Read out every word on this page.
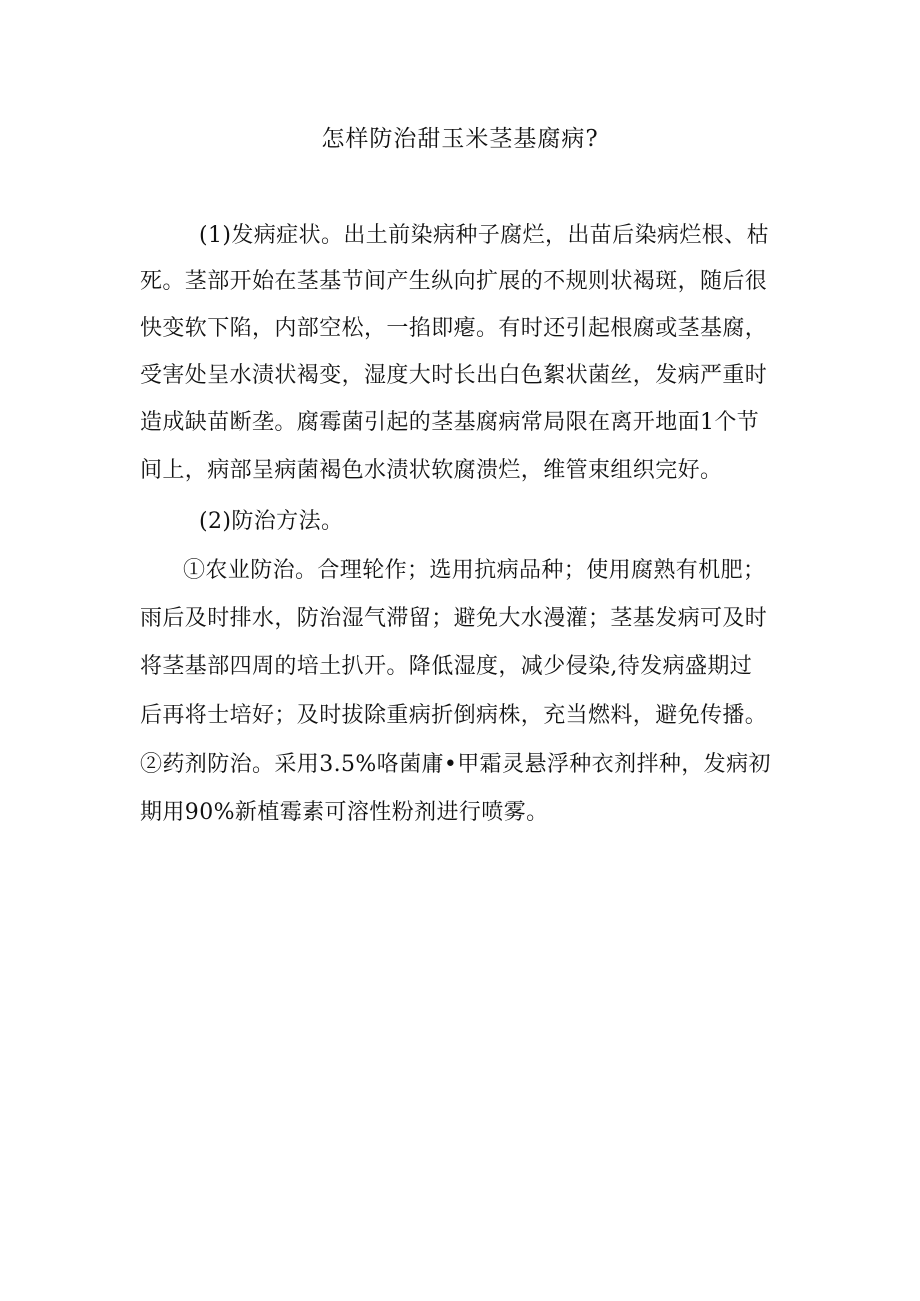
怎样防治甜玉米茎基腐病?
(1)发病症状。出土前染病种子腐烂，出苗后染病烂根、枯
死。茎部开始在茎基节间产生纵向扩展的不规则状褐斑，随后很
快变软下陷，内部空松，一掐即瘪。有时还引起根腐或茎基腐，
受害处呈水渍状褐变，湿度大时长出白色絮状菌丝，发病严重时
造成缺苗断垄。腐霉菌引起的茎基腐病常局限在离开地面1个节
间上，病部呈病菌褐色水渍状软腐溃烂，维管束组织完好。
(2)防治方法。
①农业防治。合理轮作；选用抗病品种；使用腐熟有机肥；
雨后及时排水，防治湿气滞留；避免大水漫灌；茎基发病可及时
将茎基部四周的培土扒开。降低湿度，减少侵染,待发病盛期过
后再将士培好；及时拔除重病折倒病株，充当燃料，避免传播。
②药剂防治。采用3.5%咯菌庸•甲霜灵悬浮种衣剂拌种，发病初
期用90%新植霉素可溶性粉剂进行喷雾。
